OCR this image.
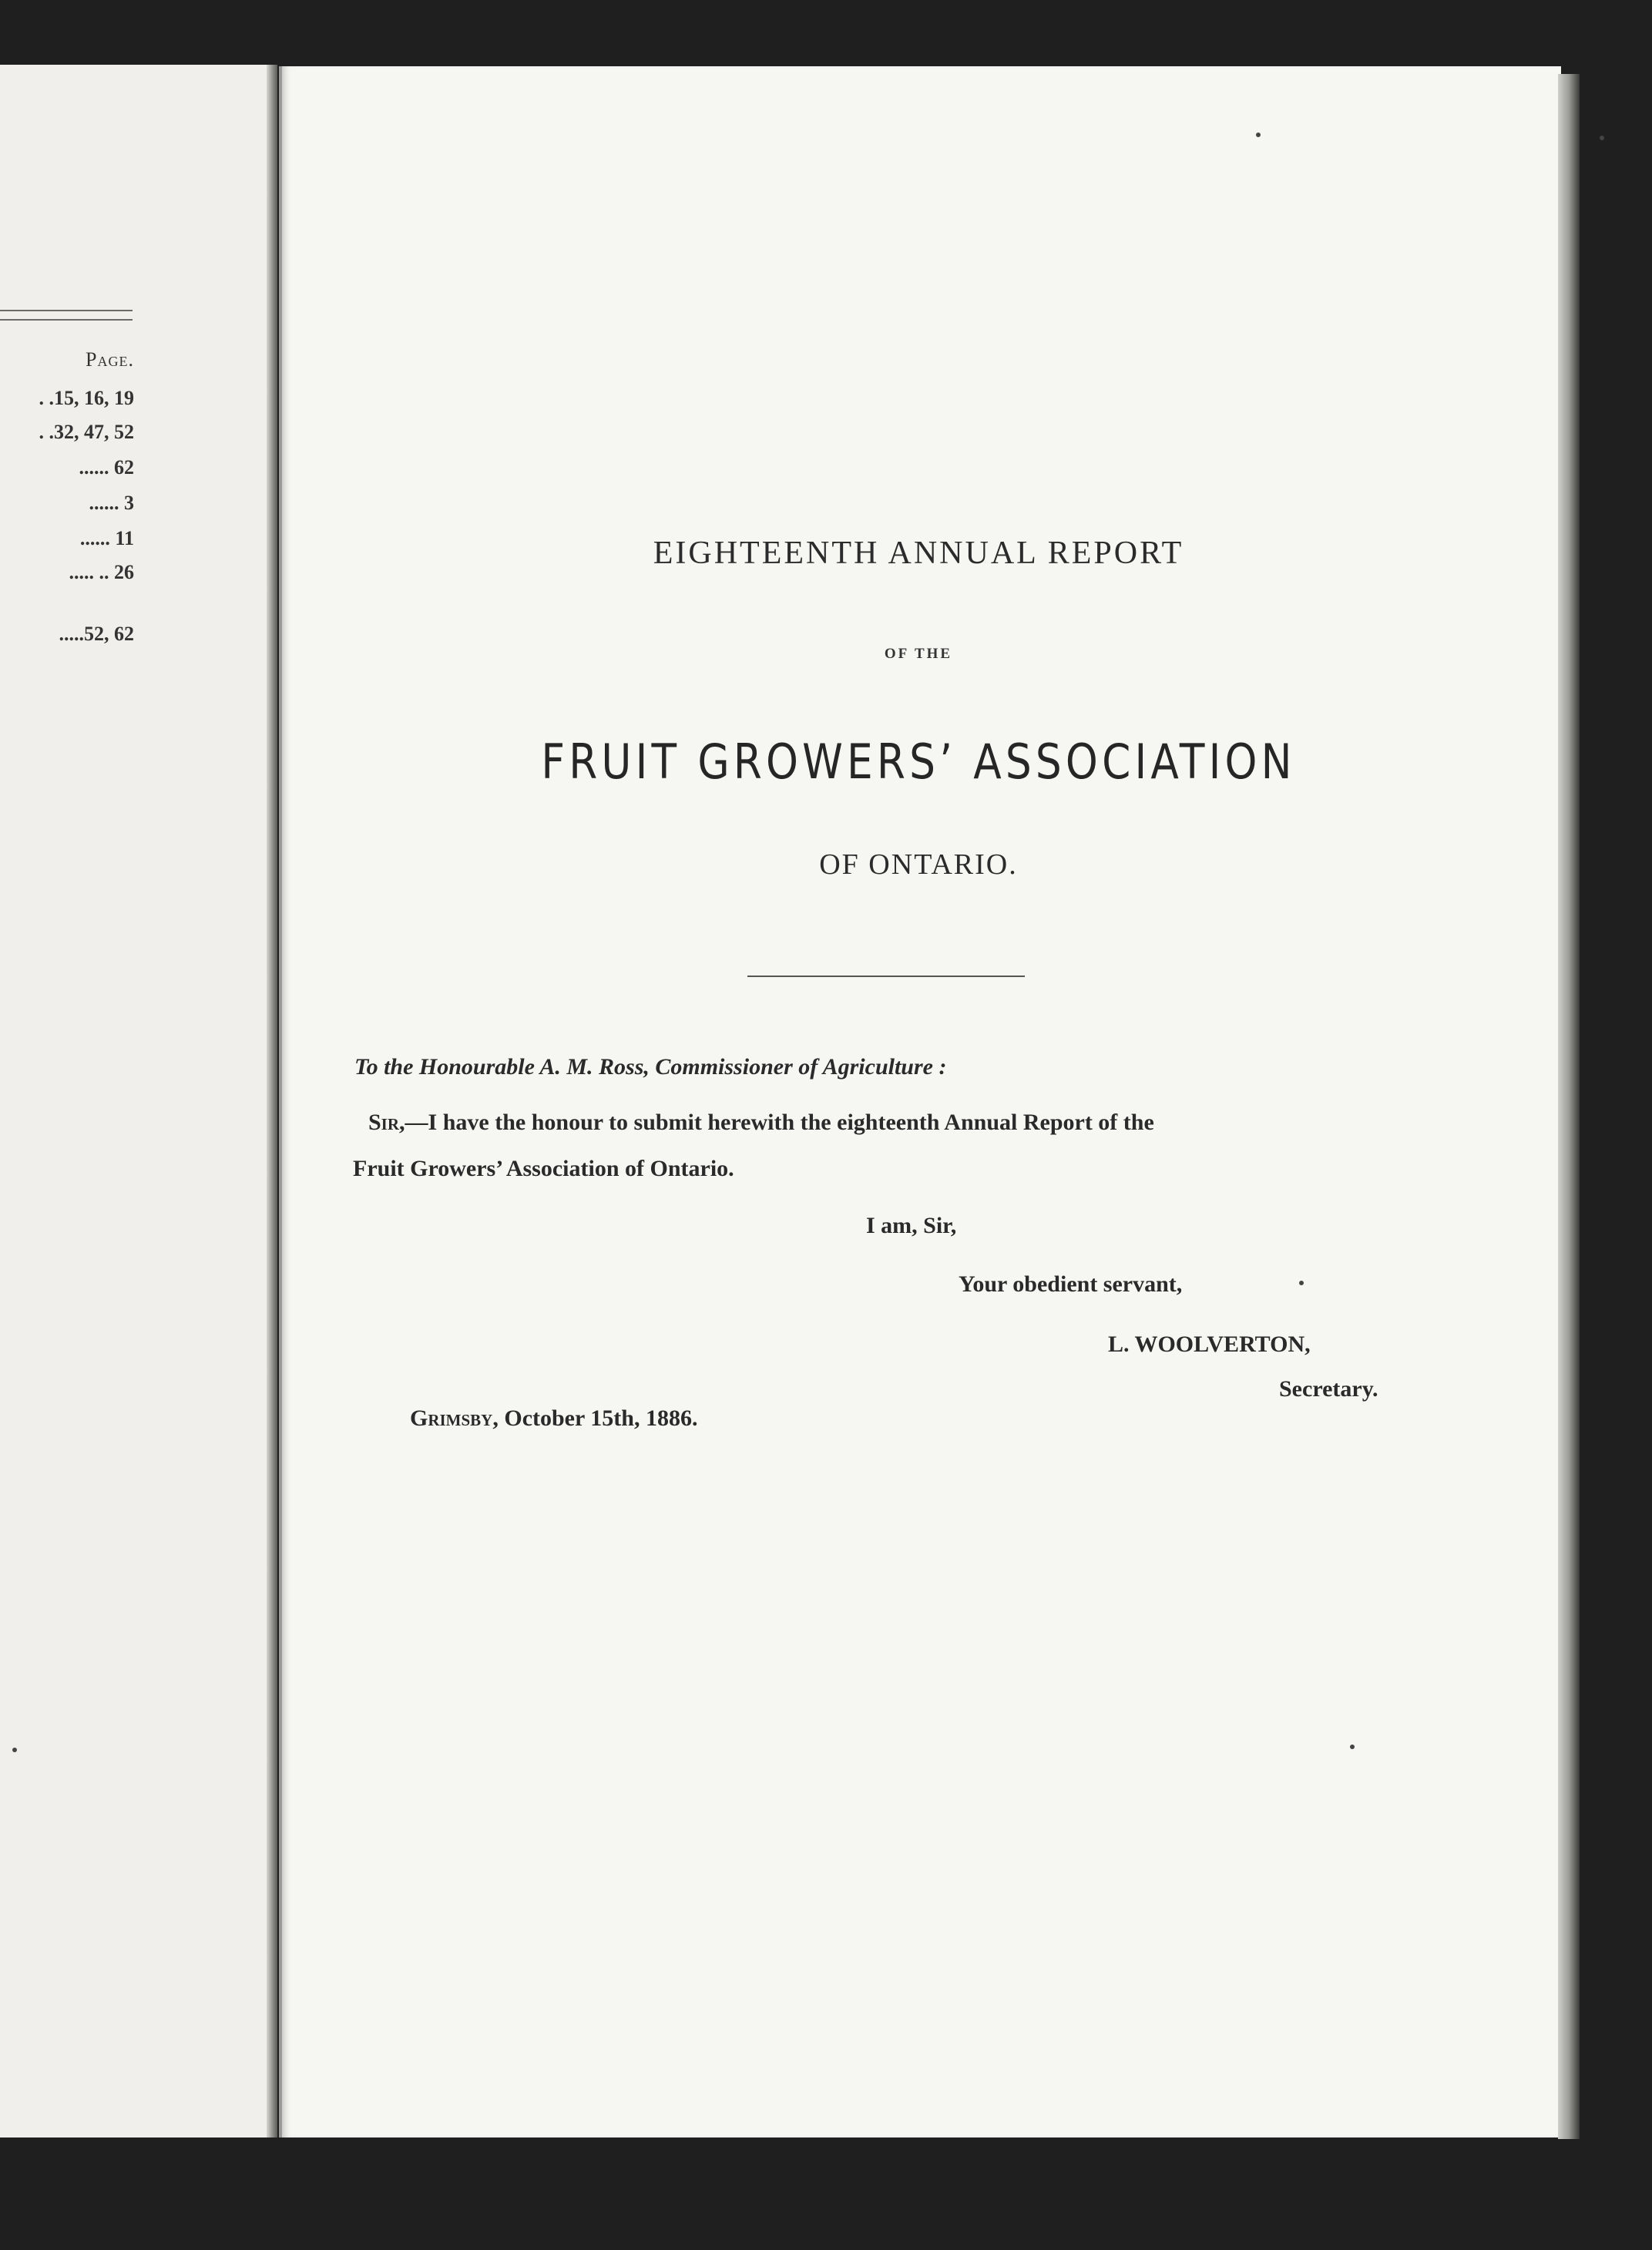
Page.
. .15, 16, 19
. .32, 47, 52
...... 62
...... 3
...... 11
..... .. 26
.....52, 62
EIGHTEENTH ANNUAL REPORT
OF THE
FRUIT GROWERS’ ASSOCIATION
OF ONTARIO.
To the Honourable A. M. Ross, Commissioner of Agriculture :
Sir,—I have the honour to submit herewith the eighteenth Annual Report of the
Fruit Growers’ Association of Ontario.
I am, Sir,
Your obedient servant,
L. WOOLVERTON,
Secretary.
Grimsby, October 15th, 1886.
